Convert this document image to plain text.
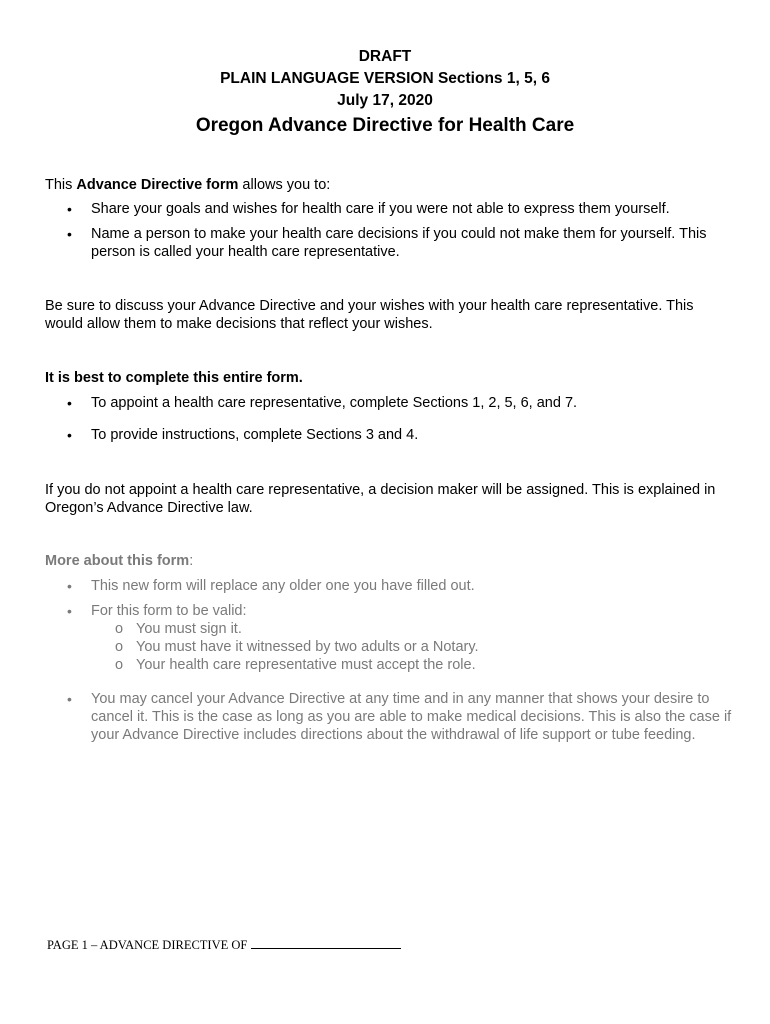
DRAFT
PLAIN LANGUAGE VERSION Sections 1, 5, 6
July 17, 2020
Oregon Advance Directive for Health Care

This Advance Directive form allows you to:

• Share your goals and wishes for health care if you were not able to express them yourself.
• Name a person to make your health care decisions if you could not make them for yourself. This person is called your health care representative.

Be sure to discuss your Advance Directive and your wishes with your health care representative. This would allow them to make decisions that reflect your wishes.

It is best to complete this entire form.

• To appoint a health care representative, complete Sections 1, 2, 5, 6, and 7.
• To provide instructions, complete Sections 3 and 4.

If you do not appoint a health care representative, a decision maker will be assigned. This is explained in Oregon’s Advance Directive law.

More about this form:

• This new form will replace any older one you have filled out.
• For this form to be valid:
o You must sign it.
o You must have it witnessed by two adults or a Notary.
o Your health care representative must accept the role.
• You may cancel your Advance Directive at any time and in any manner that shows your desire to cancel it. This is the case as long as you are able to make medical decisions. This is also the case if your Advance Directive includes directions about the withdrawal of life support or tube feeding.
PAGE 1 – ADVANCE DIRECTIVE OF
